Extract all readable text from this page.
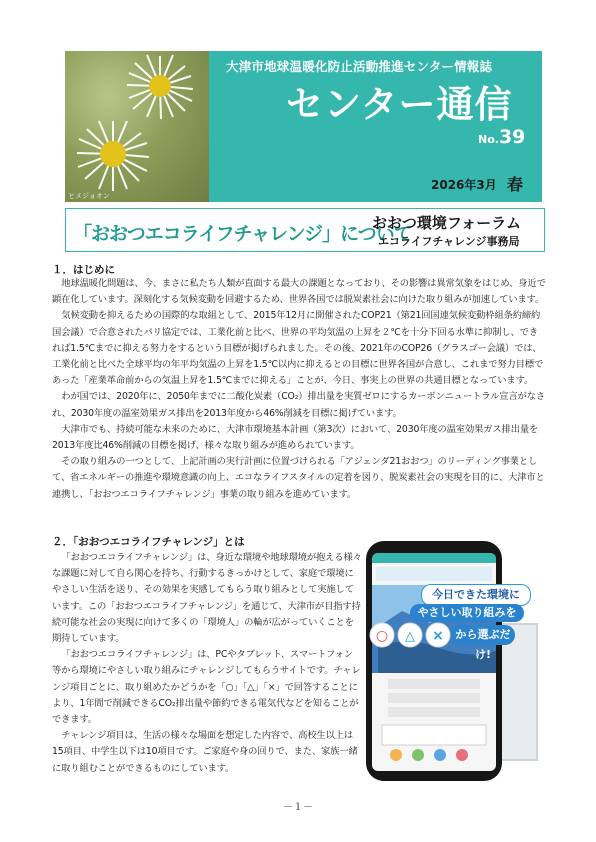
ヒメジョオン
大津市地球温暖化防止活動推進センター情報誌
センター通信
No.39
2026年3月 春
「おおつエコライフチャレンジ」について
おおつ環境フォーラム
エコライフチャレンジ事務局
１．はじめに

地球温暖化問題は、今、まさに私たち人類が直面する最大の課題となっており、その影響は異常気象をはじめ、身近で顕在化しています。深刻化する気候変動を回避するため、世界各国では脱炭素社会に向けた取り組みが加速しています。

気候変動を抑えるための国際的な取組として、2015年12月に開催されたCOP21（第21回国連気候変動枠組条約締約国会議）で合意されたパリ協定では、工業化前と比べ、世界の平均気温の上昇を２℃を十分下回る水準に抑制し、できれば1.5℃までに抑える努力をするという目標が掲げられました。その後、2021年のCOP26（グラスゴー会議）では、工業化前と比べた全球平均の年平均気温の上昇を1.5℃以内に抑えるとの目標に世界各国が合意し、これまで努力目標であった「産業革命前からの気温上昇を1.5℃までに抑える」ことが、今日、事実上の世界の共通目標となっています。

わが国では、2020年に、2050年までに二酸化炭素（CO₂）排出量を実質ゼロにするカーボンニュートラル宣言がなされ、2030年度の温室効果ガス排出を2013年度から46%削減を目標に掲げています。

大津市でも、持続可能な未来のために、大津市環境基本計画（第3次）において、2030年度の温室効果ガス排出量を2013年度比46%削減の目標を掲げ、様々な取り組みが進められています。

その取り組みの一つとして、上記計画の実行計画に位置づけられる「アジェンダ21おおつ」のリーディング事業として、省エネルギーの推進や環境意識の向上、エコなライフスタイルの定着を図り、脱炭素社会の実現を目的に、大津市と連携し、「おおつエコライフチャレンジ」事業の取り組みを進めています。

２．「おおつエコライフチャレンジ」とは

「おおつエコライフチャレンジ」は、身近な環境や地球環境が抱える様々な課題に対して自ら関心を持ち、行動するきっかけとして、家庭で環境にやさしい生活を送り、その効果を実感してもらう取り組みとして実施しています。この「おおつエコライフチャレンジ」を通じて、大津市が目指す持続可能な社会の実現に向けて多くの「環境人」の輪が広がっていくことを期待しています。

「おおつエコライフチャレンジ」は、PCやタブレット、スマートフォン等から環境にやさしい取り組みにチャレンジしてもらうサイトです。チャレンジ項目ごとに、取り組めたかどうかを「○」「△」「×」で回答することにより、1年間で削減できるCO₂排出量や節約できる電気代などを知ることができます。

チャレンジ項目は、生活の様々な場面を想定した内容で、高校生以上は15項目、中学生以下は10項目です。ご家庭や身の回りで、また、家族一緒に取り組むことができるものにしています。

今日できた環境に
やさしい取り組みを
から選ぶだけ!
○ △ ×
－１－
